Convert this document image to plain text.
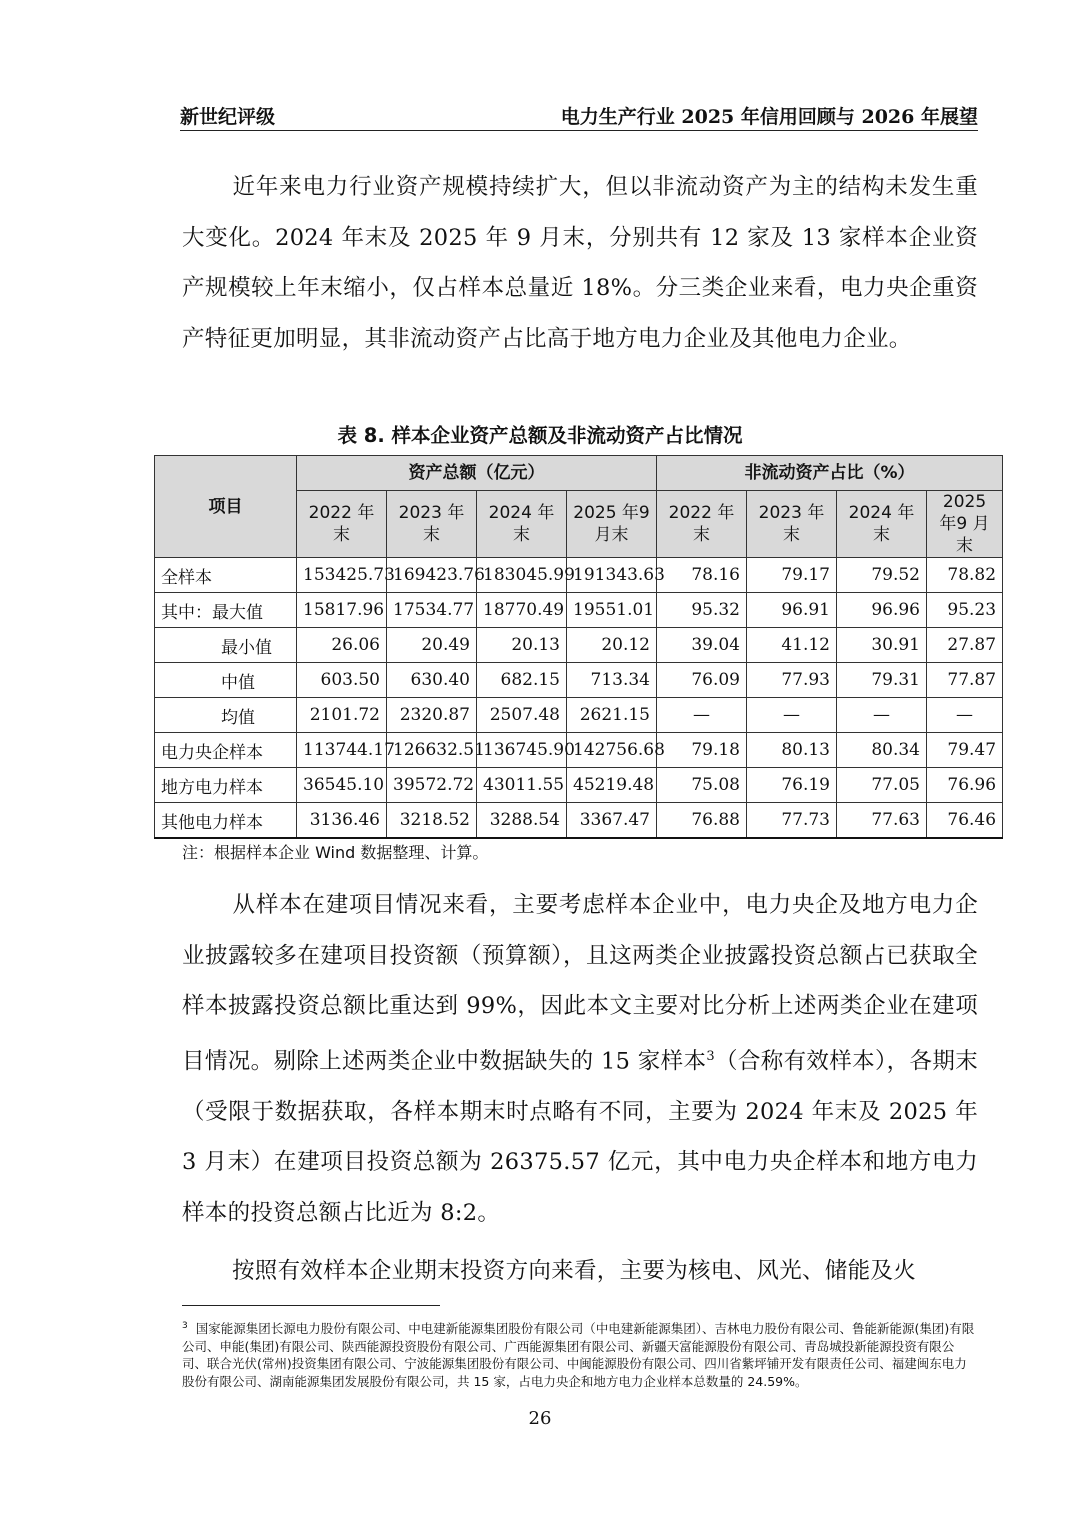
新世纪评级	电力生产行业 2025 年信用回顾与 2026 年展望

近年来电力行业资产规模持续扩大，但以非流动资产为主的结构未发生重大变化。2024 年末及 2025 年 9 月末，分别共有 12 家及 13 家样本企业资产规模较上年末缩小，仅占样本总量近 18%。分三类企业来看，电力央企重资产特征更加明显，其非流动资产占比高于地方电力企业及其他电力企业。

表 8. 样本企业资产总额及非流动资产占比情况
项目	资产总额（亿元）				非流动资产占比（%）			
	2022 年末	2023 年末	2024 年末	2025 年9 月末	2022 年末	2023 年末	2024 年末	2025 年9 月末
全样本	153425.73	169423.76	183045.99	191343.63	78.16	79.17	79.52	78.82
其中：最大值	15817.96	17534.77	18770.49	19551.01	95.32	96.91	96.96	95.23
最小值	26.06	20.49	20.13	20.12	39.04	41.12	30.91	27.87
中值	603.50	630.40	682.15	713.34	76.09	77.93	79.31	77.87
均值	2101.72	2320.87	2507.48	2621.15	—	—	—	—
电力央企样本	113744.17	126632.51	136745.90	142756.68	79.18	80.13	80.34	79.47
地方电力样本	36545.10	39572.72	43011.55	45219.48	75.08	76.19	77.05	76.96
其他电力样本	3136.46	3218.52	3288.54	3367.47	76.88	77.73	77.63	76.46
注：根据样本企业 Wind 数据整理、计算。

从样本在建项目情况来看，主要考虑样本企业中，电力央企及地方电力企业披露较多在建项目投资额（预算额），且这两类企业披露投资总额占已获取全样本披露投资总额比重达到 99%，因此本文主要对比分析上述两类企业在建项目情况。剔除上述两类企业中数据缺失的 15 家样本$^3$（合称有效样本），各期末（受限于数据获取，各样本期末时点略有不同，主要为 2024 年末及 2025 年 3 月末）在建项目投资总额为 26375.57 亿元，其中电力央企样本和地方电力样本的投资总额占比近为 8:2。

按照有效样本企业期末投资方向来看，主要为核电、风光、储能及火

$^3$ 国家能源集团长源电力股份有限公司、中电建新能源集团股份有限公司（中电建新能源集团）、吉林电力股份有限公司、鲁能新能源(集团)有限公司、申能(集团)有限公司、陕西能源投资股份有限公司、广西能源集团有限公司、新疆天富能源股份有限公司、青岛城投新能源投资有限公司、联合光伏(常州)投资集团有限公司、宁波能源集团股份有限公司、中闽能源股份有限公司、四川省紫坪铺开发有限责任公司、福建闽东电力股份有限公司、湖南能源集团发展股份有限公司，共 15 家，占电力央企和地方电力企业样本总数量的 24.59%。

26
